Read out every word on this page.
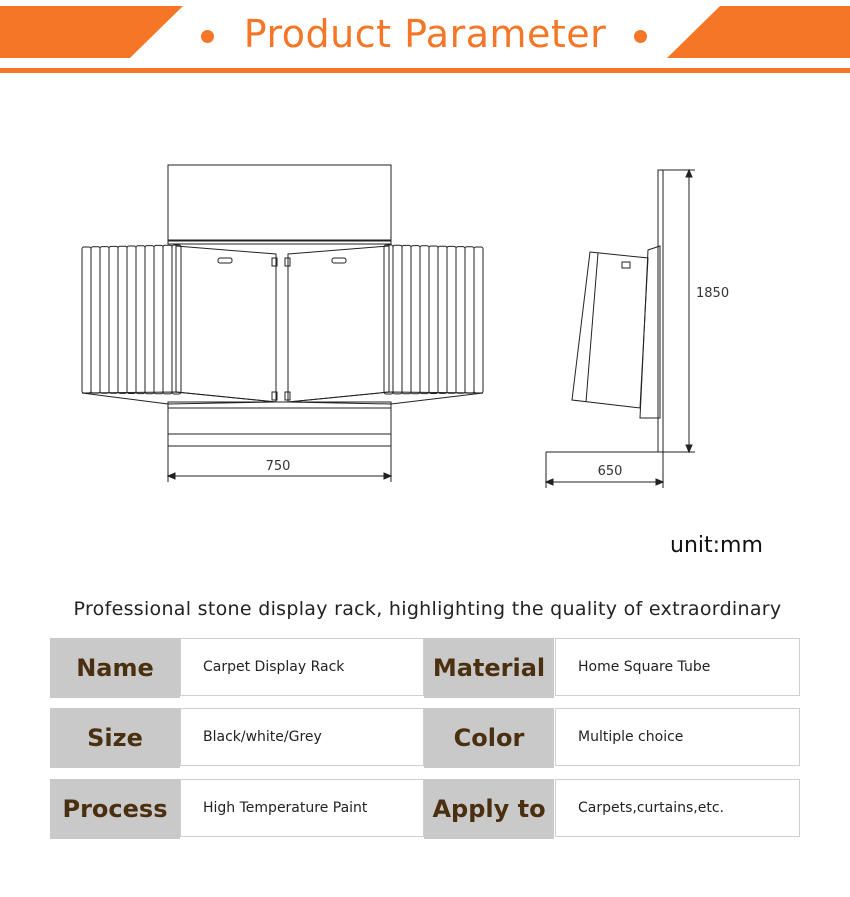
Product Parameter
750	650
1850
unit:mm
Professional stone display rack, highlighting the quality of extraordinary
Name	Carpet Display Rack	Material	Home Square Tube
Size	Black/white/Grey	Color	Multiple choice
Process	High Temperature Paint	Apply to	Carpets,curtains,etc.
